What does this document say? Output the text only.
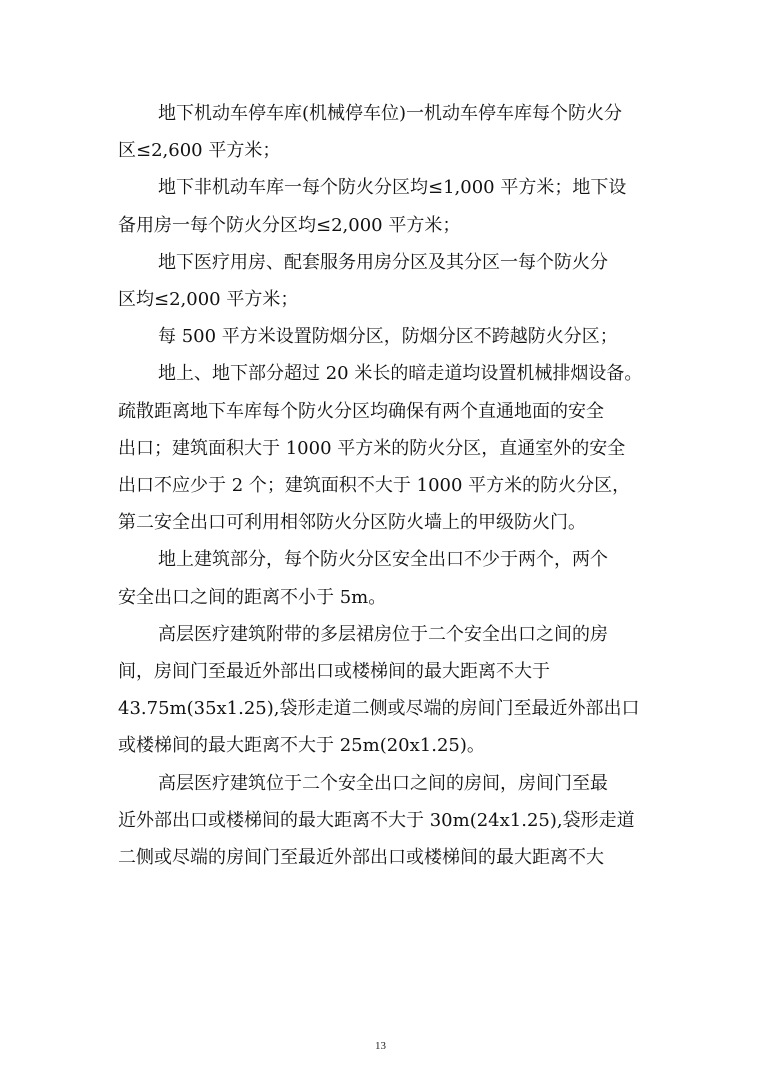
地下机动车停车库(机械停车位)一机动车停车库每个防火分
区≤2,600 平方米；

地下非机动车库一每个防火分区均≤1,000 平方米；地下设
备用房一每个防火分区均≤2,000 平方米；

地下医疗用房、配套服务用房分区及其分区一每个防火分
区均≤2,000 平方米；

每 500 平方米设置防烟分区，防烟分区不跨越防火分区；

地上、地下部分超过 20 米长的暗走道均设置机械排烟设备。
疏散距离地下车库每个防火分区均确保有两个直通地面的安全
出口；建筑面积大于 1000 平方米的防火分区，直通室外的安全
出口不应少于 2 个；建筑面积不大于 1000 平方米的防火分区，
第二安全出口可利用相邻防火分区防火墙上的甲级防火门。

地上建筑部分，每个防火分区安全出口不少于两个，两个
安全出口之间的距离不小于 5m。

高层医疗建筑附带的多层裙房位于二个安全出口之间的房
间，房间门至最近外部出口或楼梯间的最大距离不大于
43.75m(35x1.25),袋形走道二侧或尽端的房间门至最近外部出口
或楼梯间的最大距离不大于 25m(20x1.25)。

高层医疗建筑位于二个安全出口之间的房间，房间门至最
近外部出口或楼梯间的最大距离不大于 30m(24x1.25),袋形走道
二侧或尽端的房间门至最近外部出口或楼梯间的最大距离不大

13
